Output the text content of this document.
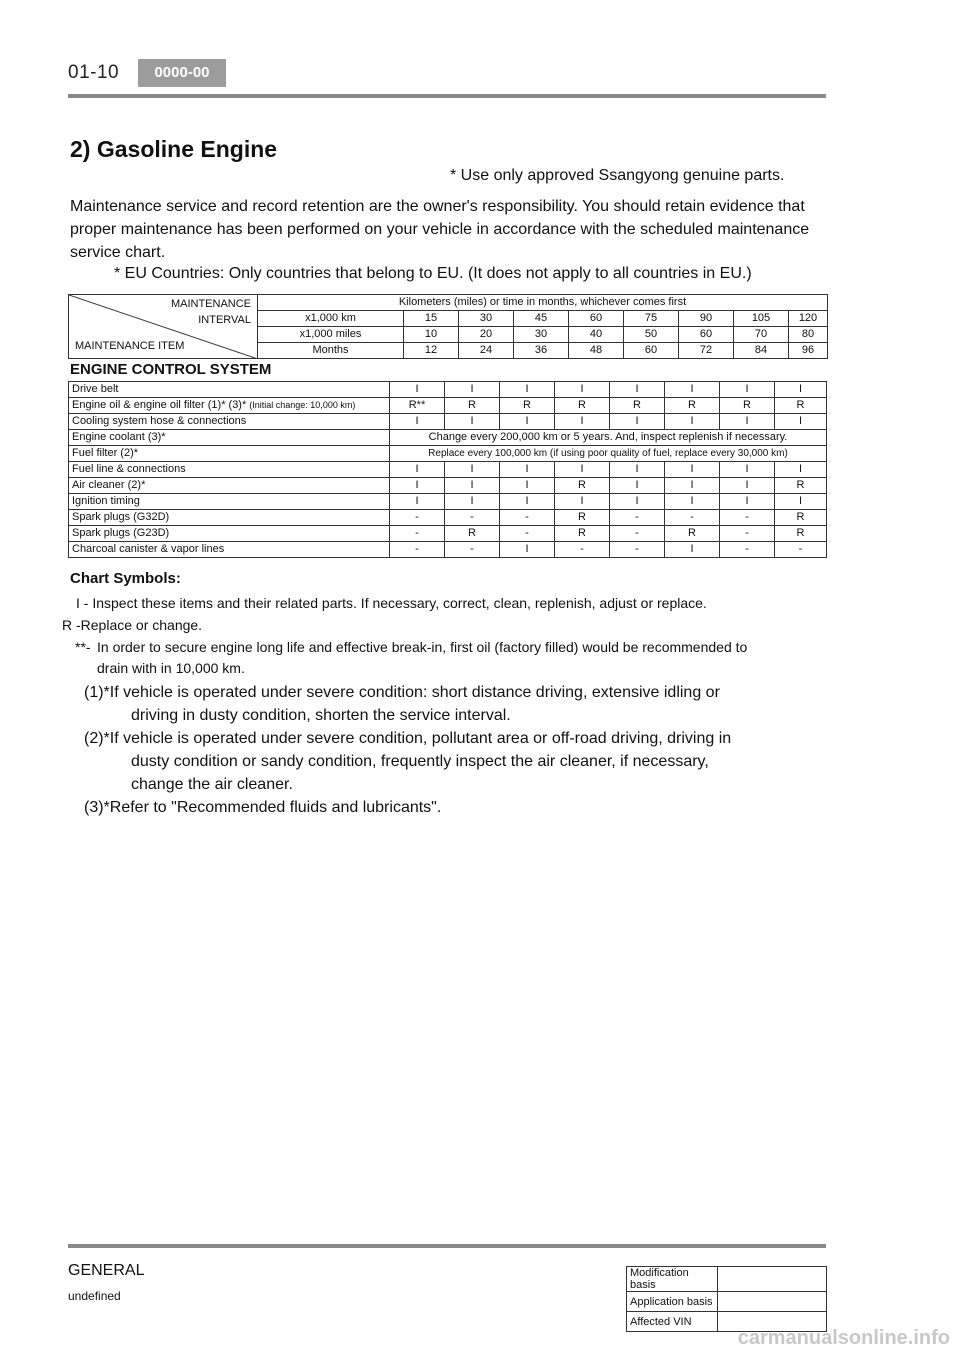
01-10	0000-00
2) Gasoline Engine
* Use only approved Ssangyong genuine parts.
Maintenance service and record retention are the owner's responsibility. You should retain evidence that proper maintenance has been performed on your vehicle in accordance with the scheduled maintenance service chart.
* EU Countries: Only countries that belong to EU. (It does not apply to all countries in EU.)
MAINTENANCE
INTERVAL
MAINTENANCE ITEM	Kilometers (miles) or time in months, whichever comes first								
	x1,000 km	15	30	45	60	75	90	105	120
	x1,000 miles	10	20	30	40	50	60	70	80
	Months	12	24	36	48	60	72	84	96
ENGINE CONTROL SYSTEM
Drive belt	I	I	I	I	I	I	I	I
Engine oil & engine oil filter (1)* (3)* (Initial change: 10,000 km)	R**	R	R	R	R	R	R	R
Cooling system hose & connections	I	I	I	I	I	I	I	I
Engine coolant (3)*	Change every 200,000 km or 5 years. And, inspect replenish if necessary.							
Fuel filter (2)*	Replace every 100,000 km (if using poor quality of fuel, replace every 30,000 km)							
Fuel line & connections	I	I	I	I	I	I	I	I
Air cleaner (2)*	I	I	I	R	I	I	I	R
Ignition timing	I	I	I	I	I	I	I	I
Spark plugs (G32D)	-	-	-	R	-	-	-	R
Spark plugs (G23D)	-	R	-	R	-	R	-	R
Charcoal canister & vapor lines	-	-	I	-	-	I	-	-
Chart Symbols:
I - Inspect these items and their related parts. If necessary, correct, clean, replenish, adjust or replace.
R -Replace or change.
**- In order to secure engine long life and effective break-in, first oil (factory filled) would be recommended to
drain with in 10,000 km.
(1)*If vehicle is operated under severe condition: short distance driving, extensive idling or
driving in dusty condition, shorten the service interval.
(2)*If vehicle is operated under severe condition, pollutant area or off-road driving, driving in
dusty condition or sandy condition, frequently inspect the air cleaner, if necessary,
change the air cleaner.
(3)*Refer to "Recommended fluids and lubricants".
GENERAL
undefined
Modification basis	
Application basis	
Affected VIN	
carmanualsonline.info
